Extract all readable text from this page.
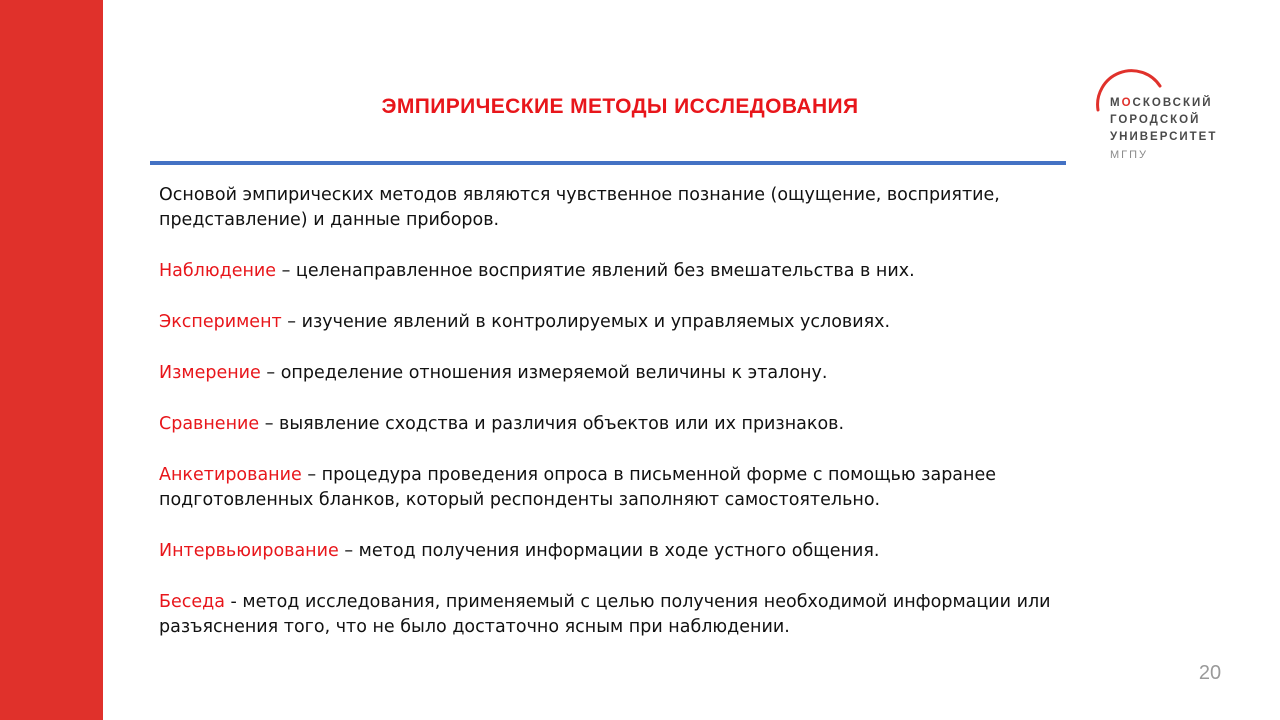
МОСКОВСКИЙ
ГОРОДСКОЙ
УНИВЕРСИТЕТ
МГПУ
ЭМПИРИЧЕСКИЕ МЕТОДЫ ИССЛЕДОВАНИЯ

Основой эмпирических методов являются чувственное познание (ощущение, восприятие, представление) и данные приборов.

Наблюдение – целенаправленное восприятие явлений без вмешательства в них.

Эксперимент – изучение явлений в контролируемых и управляемых условиях.

Измерение – определение отношения измеряемой величины к эталону.

Сравнение – выявление сходства и различия объектов или их признаков.

Анкетирование – процедура проведения опроса в письменной форме с помощью заранее подготовленных бланков, который респонденты заполняют самостоятельно.

Интервьюирование – метод получения информации в ходе устного общения.

Беседа - метод исследования, применяемый с целью получения необходимой информации или разъяснения того, что не было достаточно ясным при наблюдении.

20
